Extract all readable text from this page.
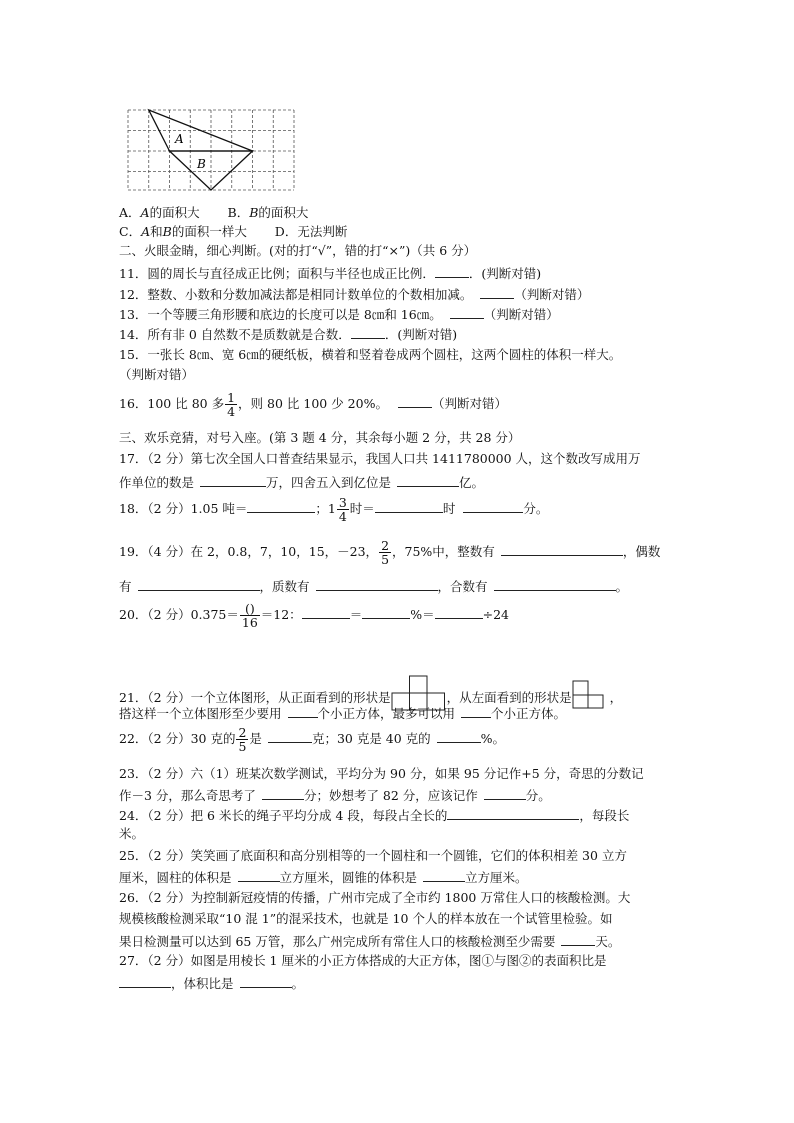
A
B
A．A的面积大 B．B的面积大
C．A和B的面积一样大 D．无法判断
二、火眼金睛，细心判断。(对的打“√”，错的打“×”)（共 6 分）
11．圆的周长与直径成正比例；面积与半径也成正比例．	．(判断对错)
12．整数、小数和分数加减法都是相同计数单位的个数相加减。	（判断对错）
13．一个等腰三角形腰和底边的长度可以是 8㎝和 16㎝。	（判断对错）
14．所有非 0 自然数不是质数就是合数．	．(判断对错)
15．一张长 8㎝、宽 6㎝的硬纸板，横着和竖着卷成两个圆柱，这两个圆柱的体积一样大。
（判断对错）
16．100 比 80 多 $\frac{1}{4}$ ，则 80 比 100 少 20%。	（判断对错）
三、欢乐竞猜，对号入座。(第 3 题 4 分，其余每小题 2 分，共 28 分）
17．（2 分）第七次全国人口普查结果显示，我国人口共 1411780000 人，这个数改写成用万
作单位的数是	万，四舍五入到亿位是	亿。
18．（2 分）1.05 吨＝	；$1 \frac{3}{4}$ 时＝	时	分。
19．（4 分）在 2，0.8，7，10，15，－23， $\frac{2}{5}$ ，75%中，整数有	，偶数
有	，质数有	，合数有	。
20．（2 分）$0.375= \frac{()}{16} =12$：	＝	%＝	÷24
21．（2 分）一个立体图形，从正面看到的形状是	，从左面看到的形状是	，
搭这样一个立体图形至少要用	个小正方体，最多可以用	个小正方体。
22．（2 分）30 克的 $\frac{2}{5}$ 是	克；30 克是 40 克的	%。
23．（2 分）六（1）班某次数学测试，平均分为 90 分，如果 95 分记作+5 分，奇思的分数记
作－3 分，那么奇思考了	分；妙想考了 82 分，应该记作	分。
24．（2 分）把 6 米长的绳子平均分成 4 段，每段占全长的	，每段长
米。
25．（2 分）笑笑画了底面积和高分别相等的一个圆柱和一个圆锥，它们的体积相差 30 立方
厘米，圆柱的体积是	立方厘米，圆锥的体积是	立方厘米。
26．（2 分）为控制新冠疫情的传播，广州市完成了全市约 1800 万常住人口的核酸检测。大
规模核酸检测采取“10 混 1”的混采技术，也就是 10 个人的样本放在一个试管里检验。如
果日检测量可以达到 65 万管，那么广州完成所有常住人口的核酸检测至少需要	天。
27．（2 分）如图是用棱长 1 厘米的小正方体搭成的大正方体，图①与图②的表面积比是
，体积比是	。
